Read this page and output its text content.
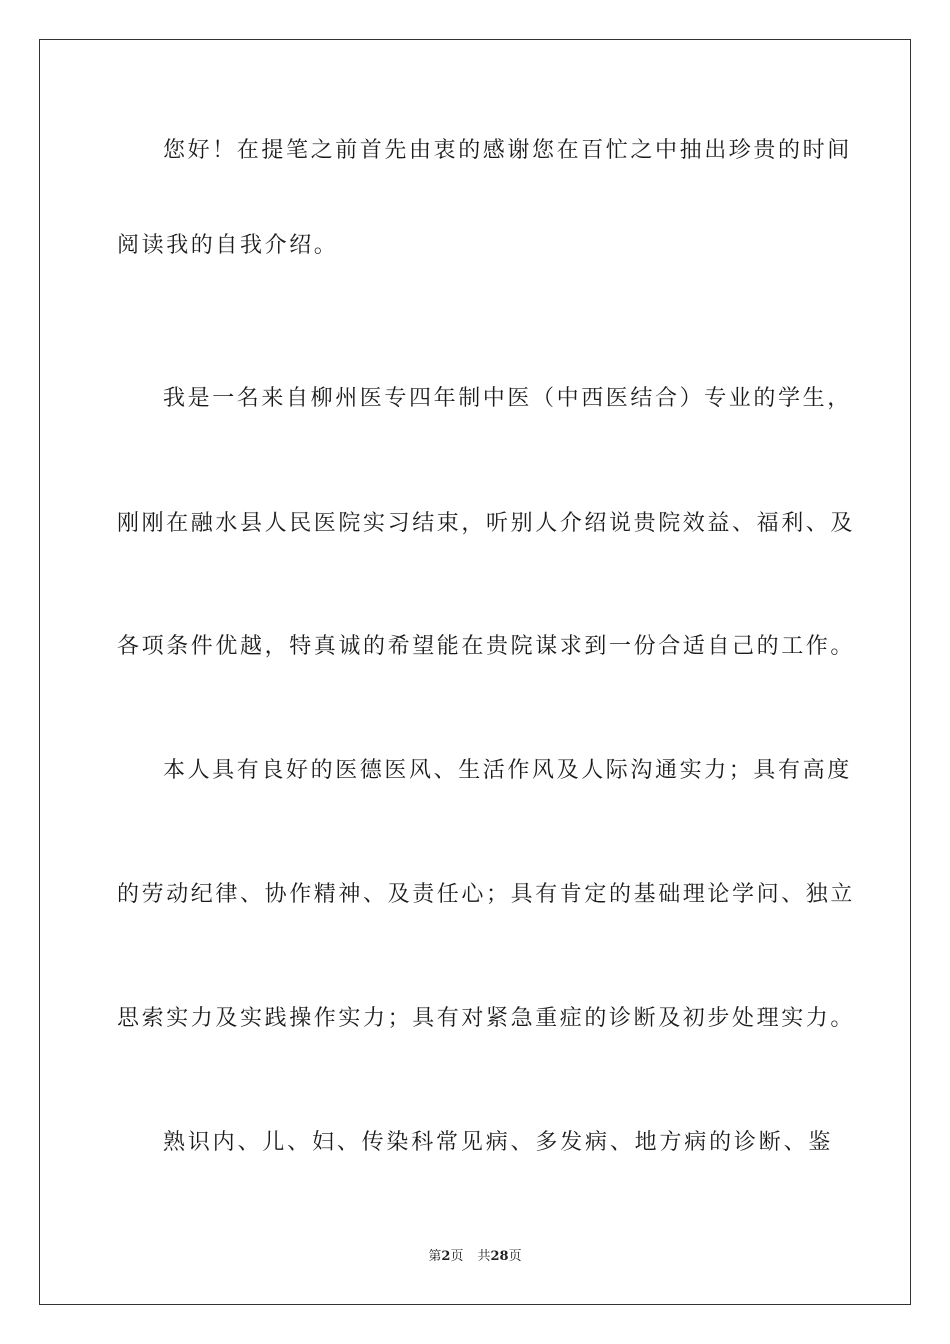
您好！在提笔之前首先由衷的感谢您在百忙之中抽出珍贵的时间
阅读我的自我介绍。
我是一名来自柳州医专四年制中医（中西医结合）专业的学生，
刚刚在融水县人民医院实习结束，听别人介绍说贵院效益、福利、及
各项条件优越，特真诚的希望能在贵院谋求到一份合适自己的工作。
本人具有良好的医德医风、生活作风及人际沟通实力；具有高度
的劳动纪律、协作精神、及责任心；具有肯定的基础理论学问、独立
思索实力及实践操作实力；具有对紧急重症的诊断及初步处理实力。
熟识内、儿、妇、传染科常见病、多发病、地方病的诊断、鉴
第2页 共28页
